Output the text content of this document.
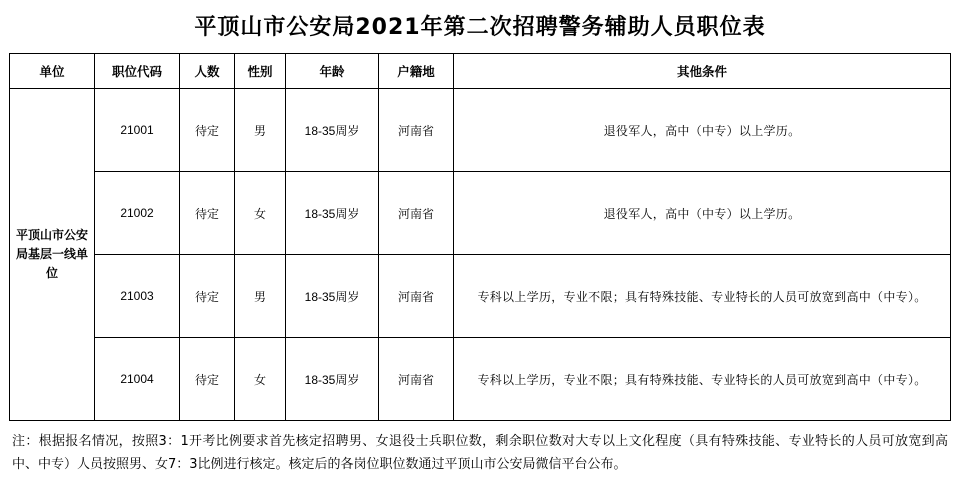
平顶山市公安局2021年第二次招聘警务辅助人员职位表
单位	职位代码	人数	性别	年龄	户籍地	其他条件
平顶山市公安局基层一线单位	21001	待定	男	18-35周岁	河南省	退役军人，高中（中专）以上学历。
	21002	待定	女	18-35周岁	河南省	退役军人，高中（中专）以上学历。
	21003	待定	男	18-35周岁	河南省	专科以上学历，专业不限；具有特殊技能、专业特长的人员可放宽到高中（中专）。
	21004	待定	女	18-35周岁	河南省	专科以上学历，专业不限；具有特殊技能、专业特长的人员可放宽到高中（中专）。
注：根据报名情况，按照3：1开考比例要求首先核定招聘男、女退役士兵职位数，剩余职位数对大专以上文化程度（具有特殊技能、专业特长的人员可放宽到高中、中专）人员按照男、女7：3比例进行核定。核定后的各岗位职位数通过平顶山市公安局微信平台公布。
